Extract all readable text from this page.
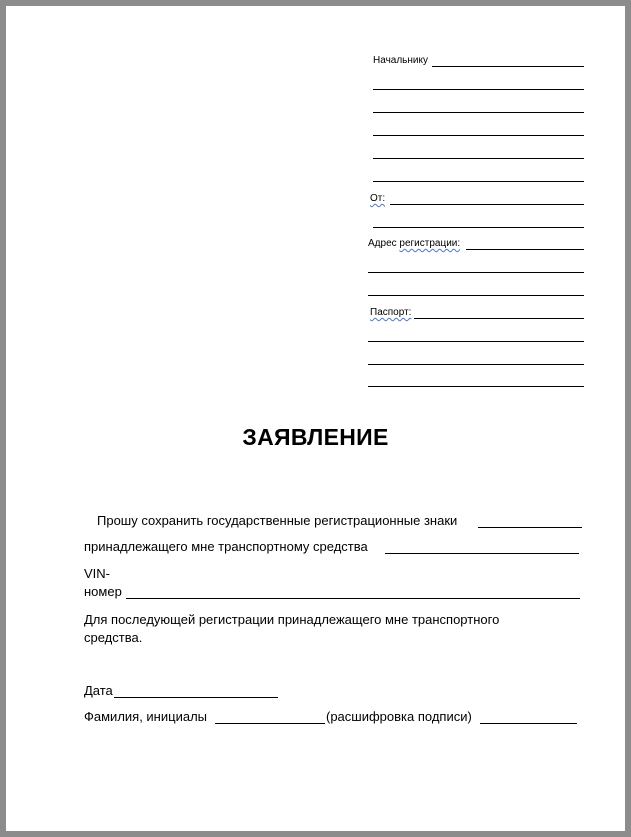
Начальнику
От:
Адрес регистрации:
Паспорт:
ЗАЯВЛЕНИЕ
Прошу сохранить государственные регистрационные знаки
принадлежащего мне транспортному средства
VIN-
номер
Для последующей регистрации принадлежащего мне транспортного средства.
Дата
Фамилия, инициалы	(расшифровка подписи)
